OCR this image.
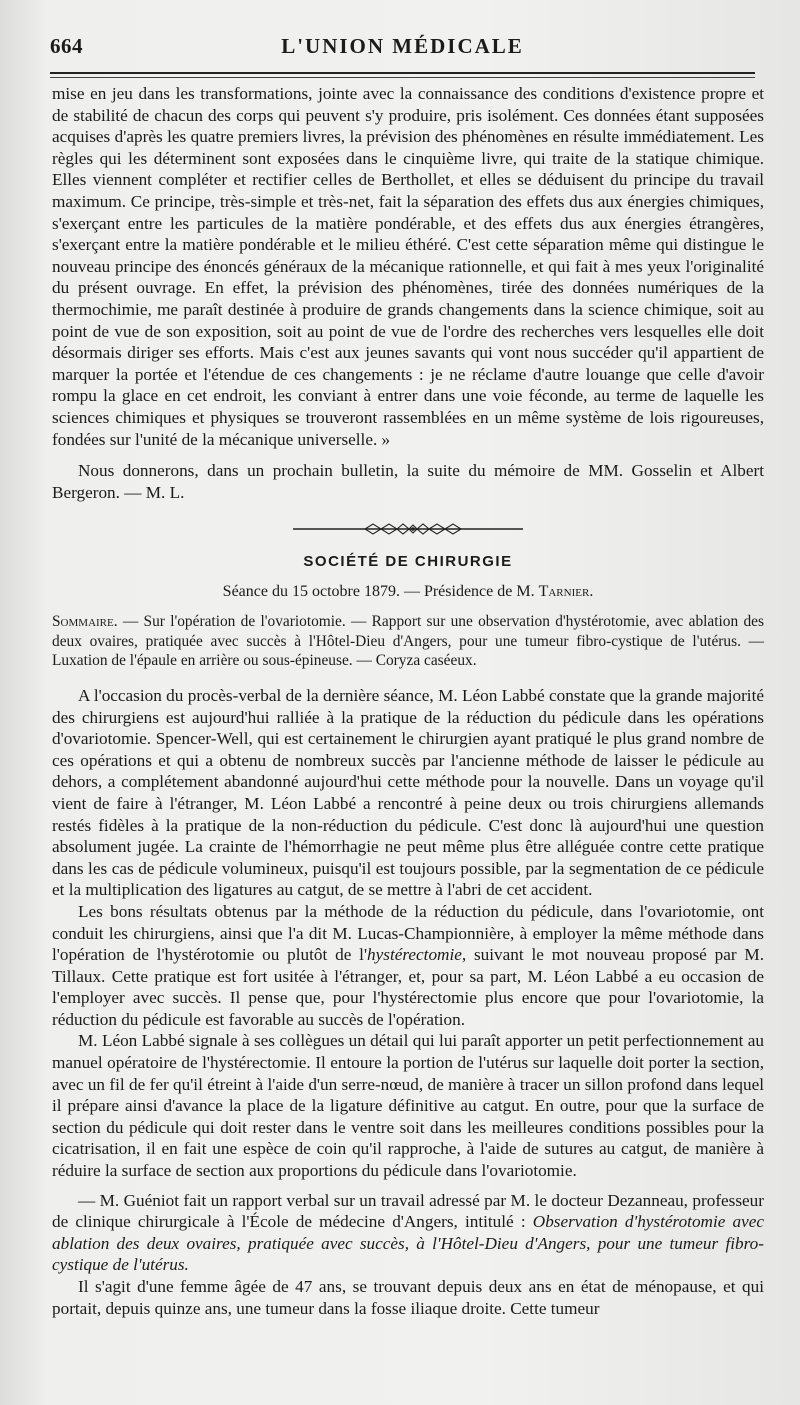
664	L'UNION MÉDICALE

mise en jeu dans les transformations, jointe avec la connaissance des conditions d'existence propre et de stabilité de chacun des corps qui peuvent s'y produire, pris isolément. Ces données étant supposées acquises d'après les quatre premiers livres, la prévision des phénomènes en résulte immédiatement. Les règles qui les déterminent sont exposées dans le cinquième livre, qui traite de la statique chimique. Elles viennent compléter et rectifier celles de Berthollet, et elles se déduisent du principe du travail maximum. Ce principe, très-simple et très-net, fait la séparation des effets dus aux énergies chimiques, s'exerçant entre les particules de la matière pondérable, et des effets dus aux énergies étrangères, s'exerçant entre la matière pondérable et le milieu éthéré. C'est cette séparation même qui distingue le nouveau principe des énoncés généraux de la mécanique rationnelle, et qui fait à mes yeux l'originalité du présent ouvrage. En effet, la prévision des phénomènes, tirée des données numériques de la thermochimie, me paraît destinée à produire de grands changements dans la science chimique, soit au point de vue de son exposition, soit au point de vue de l'ordre des recherches vers lesquelles elle doit désormais diriger ses efforts. Mais c'est aux jeunes savants qui vont nous succéder qu'il appartient de marquer la portée et l'étendue de ces changements : je ne réclame d'autre louange que celle d'avoir rompu la glace en cet endroit, les conviant à entrer dans une voie féconde, au terme de laquelle les sciences chimiques et physiques se trouveront rassemblées en un même système de lois rigoureuses, fondées sur l'unité de la mécanique universelle. »

Nous donnerons, dans un prochain bulletin, la suite du mémoire de MM. Gosselin et Albert Bergeron. — M. L.

SOCIÉTÉ DE CHIRURGIE
Séance du 15 octobre 1879. — Présidence de M. Tarnier.
Sommaire. — Sur l'opération de l'ovariotomie. — Rapport sur une observation d'hystérotomie, avec ablation des deux ovaires, pratiquée avec succès à l'Hôtel-Dieu d'Angers, pour une tumeur fibro-cystique de l'utérus. — Luxation de l'épaule en arrière ou sous-épineuse. — Coryza caséeux.

A l'occasion du procès-verbal de la dernière séance, M. Léon Labbé constate que la grande majorité des chirurgiens est aujourd'hui ralliée à la pratique de la réduction du pédicule dans les opérations d'ovariotomie. Spencer-Well, qui est certainement le chirurgien ayant pratiqué le plus grand nombre de ces opérations et qui a obtenu de nombreux succès par l'ancienne méthode de laisser le pédicule au dehors, a complétement abandonné aujourd'hui cette méthode pour la nouvelle. Dans un voyage qu'il vient de faire à l'étranger, M. Léon Labbé a rencontré à peine deux ou trois chirurgiens allemands restés fidèles à la pratique de la non-réduction du pédicule. C'est donc là aujourd'hui une question absolument jugée. La crainte de l'hémorrhagie ne peut même plus être alléguée contre cette pratique dans les cas de pédicule volumineux, puisqu'il est toujours possible, par la segmentation de ce pédicule et la multiplication des ligatures au catgut, de se mettre à l'abri de cet accident.

Les bons résultats obtenus par la méthode de la réduction du pédicule, dans l'ovariotomie, ont conduit les chirurgiens, ainsi que l'a dit M. Lucas-Championnière, à employer la même méthode dans l'opération de l'hystérotomie ou plutôt de l'hystérectomie, suivant le mot nouveau proposé par M. Tillaux. Cette pratique est fort usitée à l'étranger, et, pour sa part, M. Léon Labbé a eu occasion de l'employer avec succès. Il pense que, pour l'hystérectomie plus encore que pour l'ovariotomie, la réduction du pédicule est favorable au succès de l'opération.

M. Léon Labbé signale à ses collègues un détail qui lui paraît apporter un petit perfectionnement au manuel opératoire de l'hystérectomie. Il entoure la portion de l'utérus sur laquelle doit porter la section, avec un fil de fer qu'il étreint à l'aide d'un serre-nœud, de manière à tracer un sillon profond dans lequel il prépare ainsi d'avance la place de la ligature définitive au catgut. En outre, pour que la surface de section du pédicule qui doit rester dans le ventre soit dans les meilleures conditions possibles pour la cicatrisation, il en fait une espèce de coin qu'il rapproche, à l'aide de sutures au catgut, de manière à réduire la surface de section aux proportions du pédicule dans l'ovariotomie.

— M. Guéniot fait un rapport verbal sur un travail adressé par M. le docteur Dezanneau, professeur de clinique chirurgicale à l'École de médecine d'Angers, intitulé : Observation d'hystérotomie avec ablation des deux ovaires, pratiquée avec succès, à l'Hôtel-Dieu d'Angers, pour une tumeur fibro-cystique de l'utérus.

Il s'agit d'une femme âgée de 47 ans, se trouvant depuis deux ans en état de ménopause, et qui portait, depuis quinze ans, une tumeur dans la fosse iliaque droite. Cette tumeur
